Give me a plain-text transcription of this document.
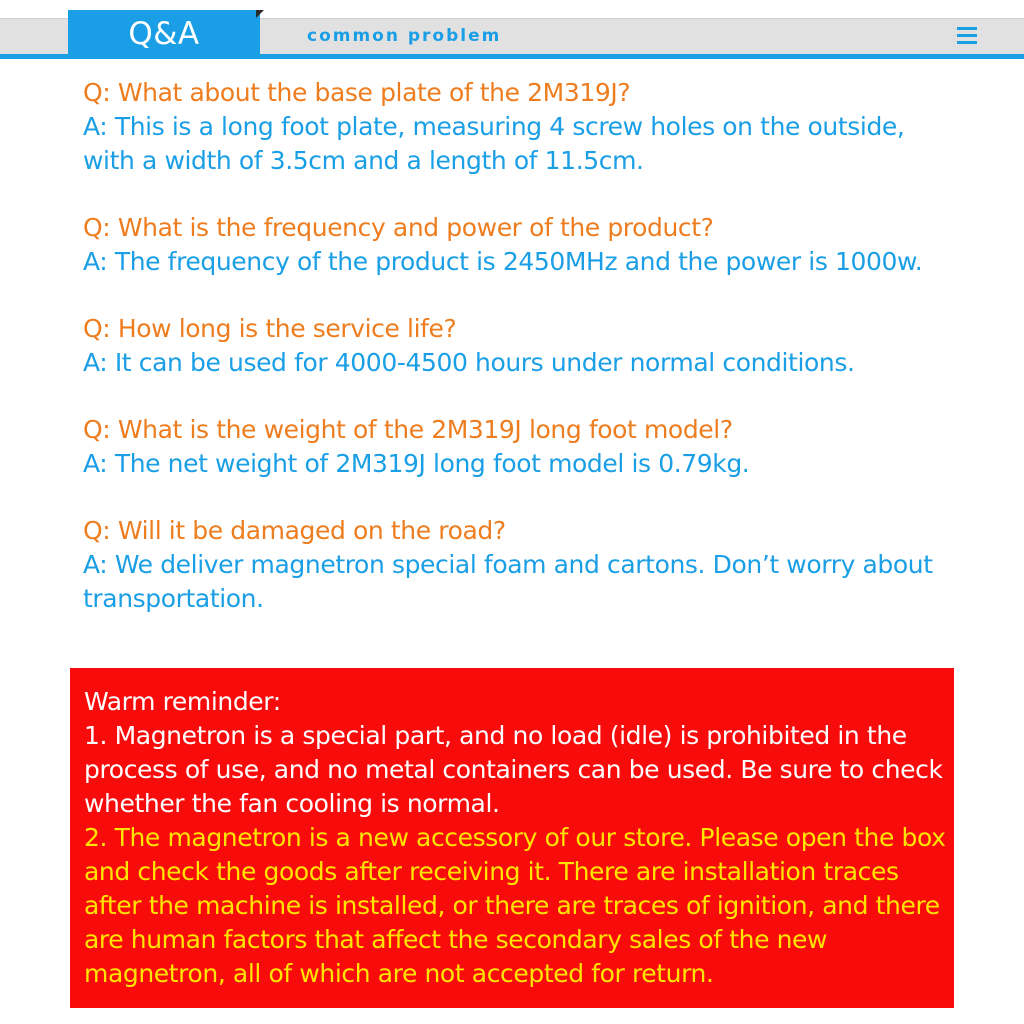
Q&A	common problem

Q: What about the base plate of the 2M319J?

A: This is a long foot plate, measuring 4 screw holes on the outside, with a width of 3.5cm and a length of 11.5cm.

Q: What is the frequency and power of the product?

A: The frequency of the product is 2450MHz and the power is 1000w.

Q: How long is the service life?

A: It can be used for 4000-4500 hours under normal conditions.

Q: What is the weight of the 2M319J long foot model?

A: The net weight of 2M319J long foot model is 0.79kg.

Q: Will it be damaged on the road?

A: We deliver magnetron special foam and cartons. Don’t worry about transportation.

Warm reminder:

1. Magnetron is a special part, and no load (idle) is prohibited in the process of use, and no metal containers can be used. Be sure to check whether the fan cooling is normal.

2. The magnetron is a new accessory of our store. Please open the box and check the goods after receiving it. There are installation traces after the machine is installed, or there are traces of ignition, and there are human factors that affect the secondary sales of the new magnetron, all of which are not accepted for return.
